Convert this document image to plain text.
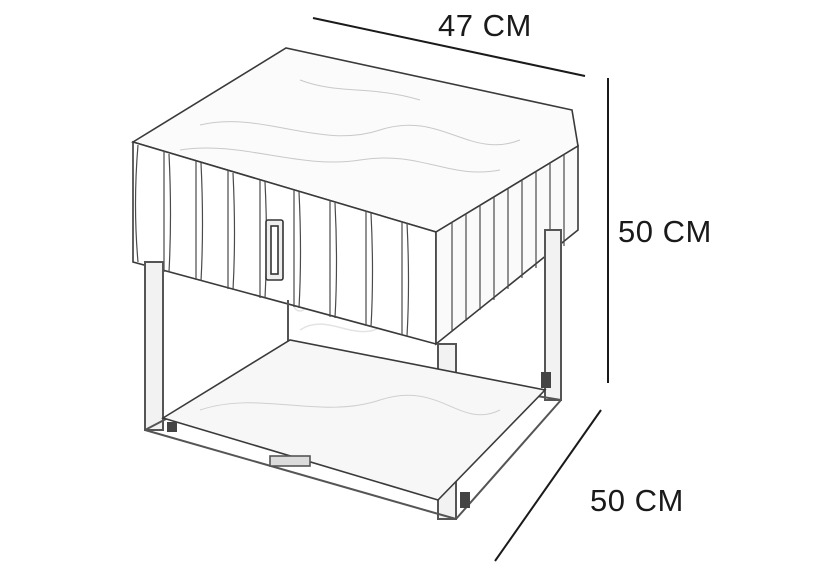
47 CM
50 CM
50 CM
